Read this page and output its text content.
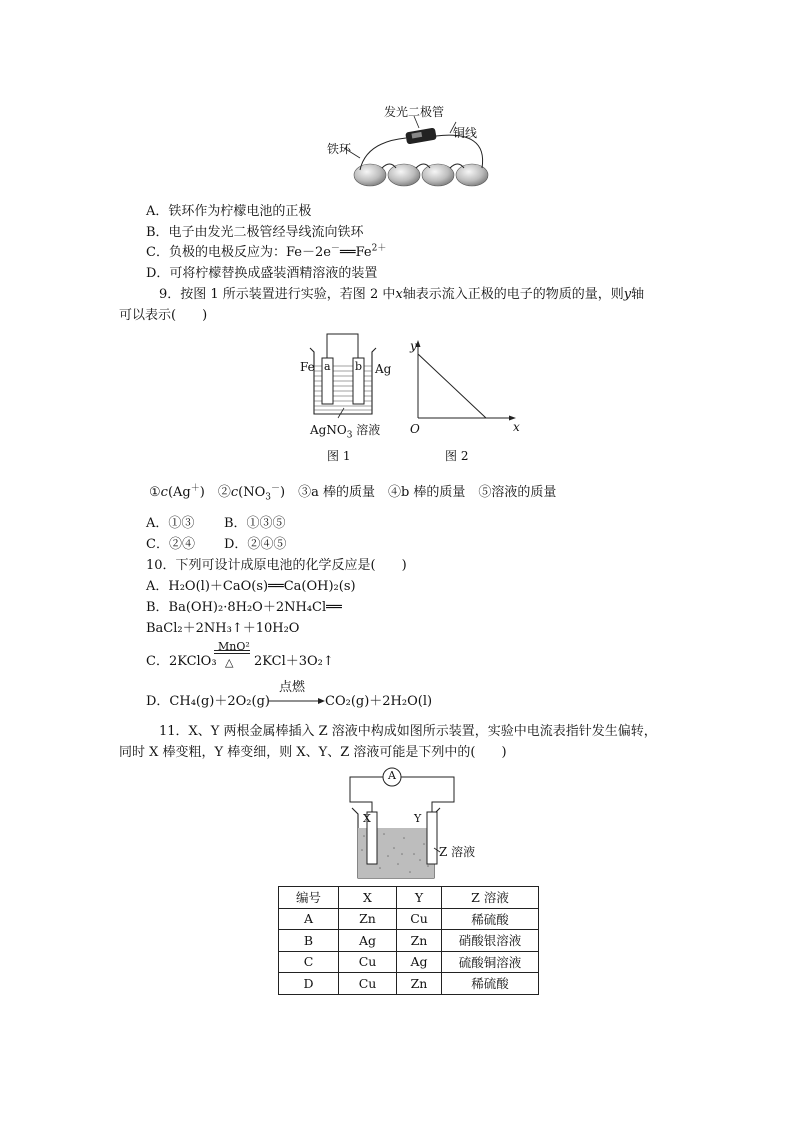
发光二极管
铜线
铁环
A．铁环作为柠檬电池的正极
B．电子由发光二极管经导线流向铁环
C．负极的电极反应为：$Fe-2e^-══Fe^{2+}$
D．可将柠檬替换成盛装酒精溶液的装置
9．按图 1 所示装置进行实验，若图 2 中x轴表示流入正极的电子的物质的量，则y轴
可以表示(　　)
Fe a b Ag
AgNO$_3$ 溶液
图 1
y
O	x
图 2
①c(Ag＋)　$②c(NO_3^-)$　③a 棒的质量　④b 棒的质量　⑤溶液的质量
A．①③ B．①③⑤
C．②④ D．②④⑤
10．下列可设计成原电池的化学反应是(　　)
A．H₂O(l)＋CaO(s)══Ca(OH)₂(s)
B．Ba(OH)₂·8H₂O＋2NH₄Cl══
BaCl₂＋2NH₃↑＋10H₂O
C．2KClO₃
MnO²
△ 2KCl＋3O₂↑
D．CH₄(g)＋2O₂(g)
点燃
CO₂(g)＋2H₂O(l)
11．X、Y 两根金属棒插入 Z 溶液中构成如图所示装置，实验中电流表指针发生偏转，
同时 X 棒变粗，Y 棒变细，则 X、Y、Z 溶液可能是下列中的(　　)
A
X	Y
Z 溶液
编号	X	Y	Z 溶液
A	Zn	Cu	稀硫酸
B	Ag	Zn	硝酸银溶液
C	Cu	Ag	硫酸铜溶液
D	Cu	Zn	稀硫酸
